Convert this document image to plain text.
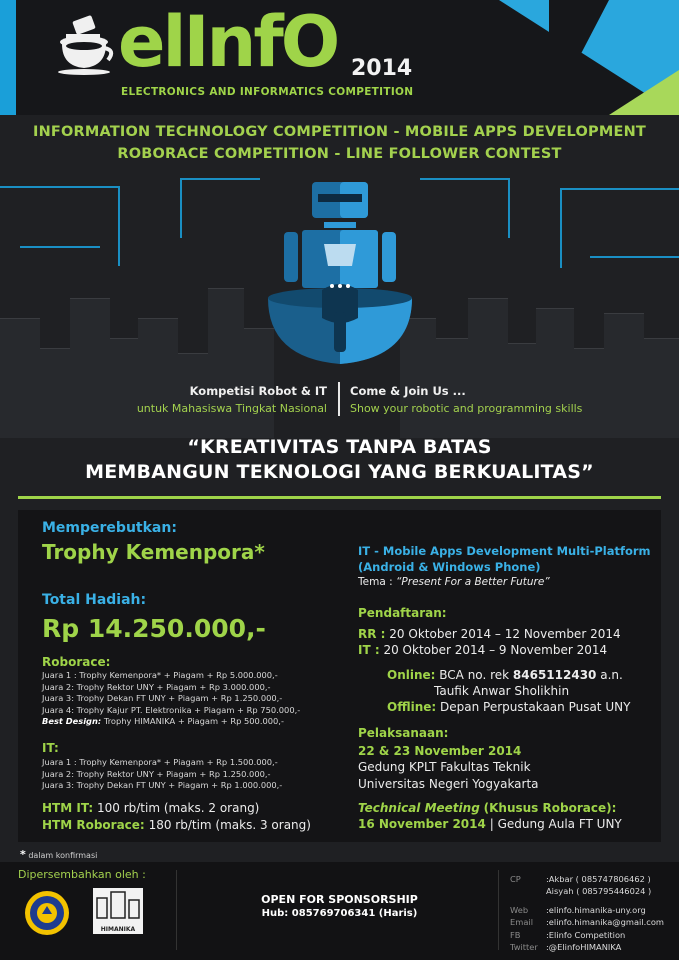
elInfO 2014
ELECTRONICS AND INFORMATICS COMPETITION
INFORMATION TECHNOLOGY COMPETITION - MOBILE APPS DEVELOPMENT
ROBORACE COMPETITION - LINE FOLLOWER CONTEST
Kompetisi Robot & IT
untuk Mahasiswa Tingkat Nasional
Come & Join Us ...
Show your robotic and programming skills
“KREATIVITAS TANPA BATAS
MEMBANGUN TEKNOLOGI YANG BERKUALITAS”
Memperebutkan:
Trophy Kemenpora*
Total Hadiah:
Rp 14.250.000,-
Roborace:
Juara 1 : Trophy Kemenpora* + Piagam + Rp 5.000.000,-
Juara 2: Trophy Rektor UNY + Piagam + Rp 3.000.000,-
Juara 3: Trophy Dekan FT UNY + Piagam + Rp 1.250.000,-
Juara 4: Trophy Kajur PT. Elektronika + Piagam + Rp 750.000,-
Best Design: Trophy HIMANIKA + Piagam + Rp 500.000,-
IT:
Juara 1 : Trophy Kemenpora* + Piagam + Rp 1.500.000,-
Juara 2: Trophy Rektor UNY + Piagam + Rp 1.250.000,-
Juara 3: Trophy Dekan FT UNY + Piagam + Rp 1.000.000,-
HTM IT: 100 rb/tim (maks. 2 orang)
HTM Roborace: 180 rb/tim (maks. 3 orang)
IT - Mobile Apps Development Multi-Platform
(Android & Windows Phone)
Tema : “Present For a Better Future”
Pendaftaran:
RR : 20 Oktober 2014 – 12 November 2014
IT : 20 Oktober 2014 – 9 November 2014
Online: BCA no. rek 8465112430 a.n.
Taufik Anwar Sholikhin
Offline: Depan Perpustakaan Pusat UNY
Pelaksanaan:
22 & 23 November 2014
Gedung KPLT Fakultas Teknik
Universitas Negeri Yogyakarta
Technical Meeting (Khusus Roborace):
16 November 2014 | Gedung Aula FT UNY
* dalam konfirmasi
Dipersembahkan oleh :
HIMANIKA
OPEN FOR SPONSORSHIP
Hub: 085769706341 (Haris)
CP	:Akbar ( 085747806462 )
Aisyah ( 085795446024 )
Web :elinfo.himanika-uny.org
Email :elinfo.himanika@gmail.com
FB	:Elinfo Competition
Twitter :@ElinfoHIMANIKA
